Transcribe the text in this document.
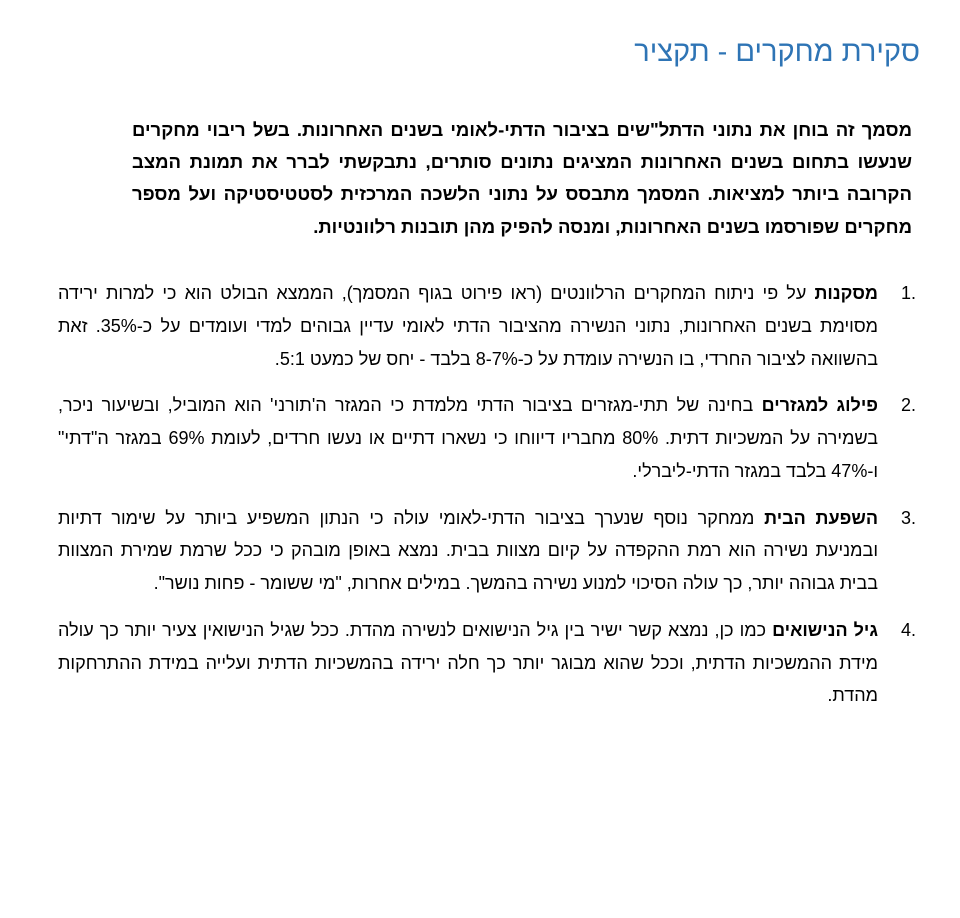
סקירת מחקרים - תקציר

מסמך זה בוחן את נתוני הדתל"שים בציבור הדתי-לאומי בשנים האחרונות. בשל ריבוי מחקרים שנעשו בתחום בשנים האחרונות המציגים נתונים סותרים, נתבקשתי לברר את תמונת המצב הקרובה ביותר למציאות. המסמך מתבסס על נתוני הלשכה המרכזית לסטטיסטיקה ועל מספר מחקרים שפורסמו בשנים האחרונות, ומנסה להפיק מהן תובנות רלוונטיות.

מסקנות על פי ניתוח המחקרים הרלוונטים (ראו פירוט בגוף המסמך), הממצא הבולט הוא כי למרות ירידה מסוימת בשנים האחרונות, נתוני הנשירה מהציבור הדתי לאומי עדיין גבוהים למדי ועומדים על כ-35%. זאת בהשוואה לציבור החרדי, בו הנשירה עומדת על כ-7%-8 בלבד - יחס של כמעט 5:1.
פילוג למגזרים בחינה של תתי-מגזרים בציבור הדתי מלמדת כי המגזר ה'תורני' הוא המוביל, ובשיעור ניכר, בשמירה על המשכיות דתית. 80% מחבריו דיווחו כי נשארו דתיים או נעשו חרדים, לעומת 69% במגזר ה"דתי" ו-47% בלבד במגזר הדתי-ליברלי.
השפעת הבית ממחקר נוסף שנערך בציבור הדתי-לאומי עולה כי הנתון המשפיע ביותר על שימור דתיות ובמניעת נשירה הוא רמת ההקפדה על קיום מצוות בבית. נמצא באופן מובהק כי ככל שרמת שמירת המצוות בבית גבוהה יותר, כך עולה הסיכוי למנוע נשירה בהמשך. במילים אחרות, "מי ששומר - פחות נושר".
גיל הנישואים כמו כן, נמצא קשר ישיר בין גיל הנישואים לנשירה מהדת. ככל שגיל הנישואין צעיר יותר כך עולה מידת ההמשכיות הדתית, וככל שהוא מבוגר יותר כך חלה ירידה בהמשכיות הדתית ועלייה במידת ההתרחקות מהדת.
